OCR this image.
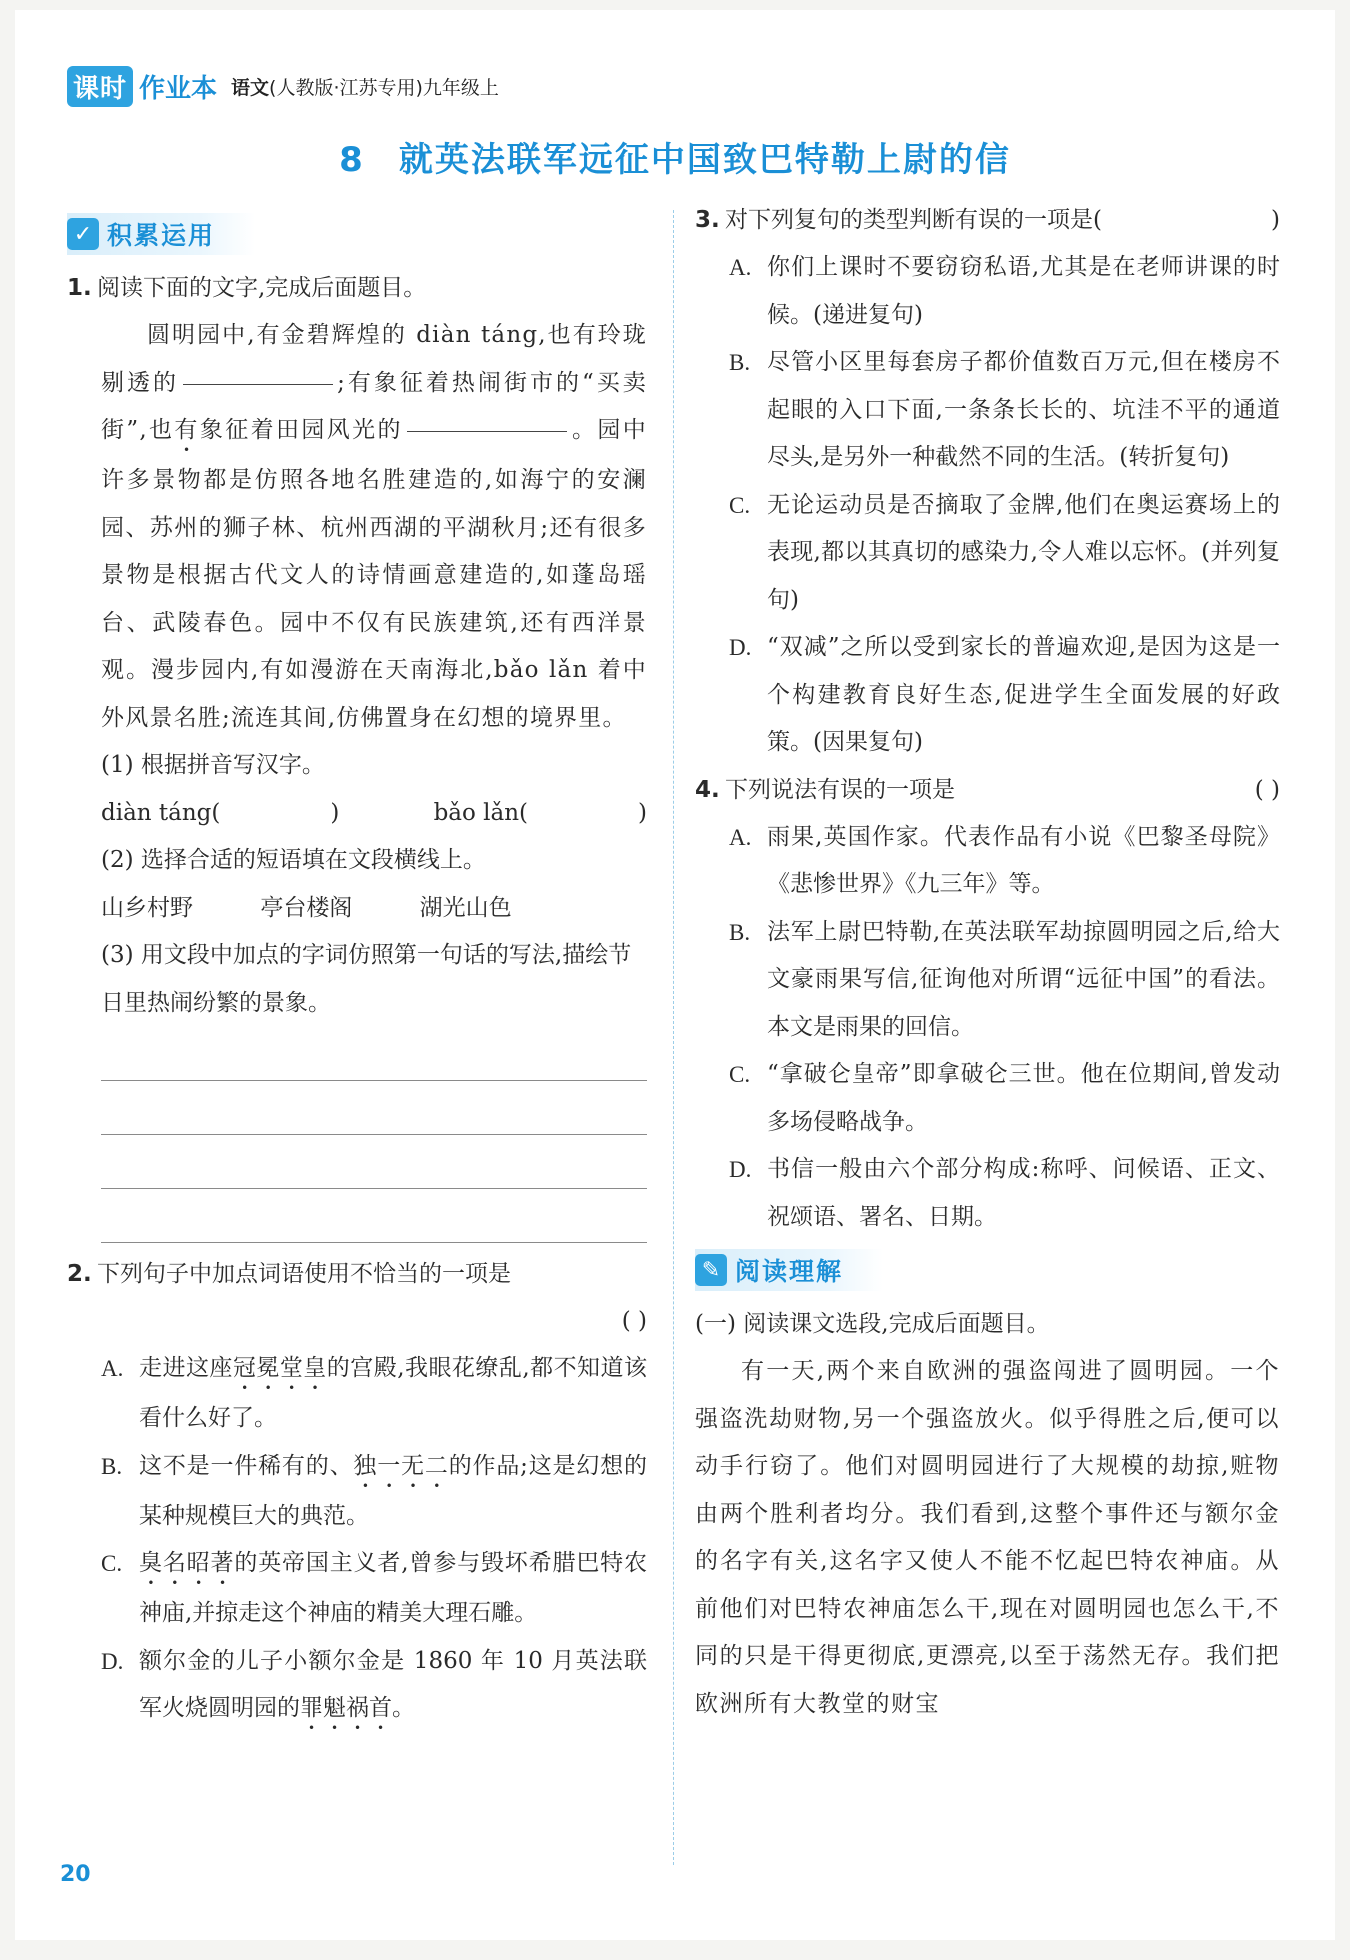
课时 作业本 语文(人教版·江苏专用)九年级上
8 就英法联军远征中国致巴特勒上尉的信
✓ 积累运用
1. 阅读下面的文字,完成后面题目。
圆明园中,有金碧辉煌的 diàn táng,也有玲珑剔透的	;有象征着热闹街市的“买卖街”,也有象征着田园风光的	。园中许多景物都是仿照各地名胜建造的,如海宁的安澜园、苏州的狮子林、杭州西湖的平湖秋月;还有很多景物是根据古代文人的诗情画意建造的,如蓬岛瑶台、武陵春色。园中不仅有民族建筑,还有西洋景观。漫步园内,有如漫游在天南海北,bǎo lǎn 着中外风景名胜;流连其间,仿佛置身在幻想的境界里。
(1) 根据拼音写汉字。
diàn táng(	)	bǎo lǎn(	)
(2) 选择合适的短语填在文段横线上。
山乡村野	亭台楼阁	湖光山色
(3) 用文段中加点的字词仿照第一句话的写法,描绘节日里热闹纷繁的景象。
2. 下列句子中加点词语使用不恰当的一项是
( )
A. 走进这座冠冕堂皇的宫殿,我眼花缭乱,都不知道该看什么好了。
B. 这不是一件稀有的、独一无二的作品;这是幻想的某种规模巨大的典范。
C. 臭名昭著的英帝国主义者,曾参与毁坏希腊巴特农神庙,并掠走这个神庙的精美大理石雕。
D. 额尔金的儿子小额尔金是 1860 年 10 月英法联军火烧圆明园的罪魁祸首。
3. 对下列复句的类型判断有误的一项是(	)
A. 你们上课时不要窃窃私语,尤其是在老师讲课的时候。(递进复句)
B. 尽管小区里每套房子都价值数百万元,但在楼房不起眼的入口下面,一条条长长的、坑洼不平的通道尽头,是另外一种截然不同的生活。(转折复句)
C. 无论运动员是否摘取了金牌,他们在奥运赛场上的表现,都以其真切的感染力,令人难以忘怀。(并列复句)
D. “双减”之所以受到家长的普遍欢迎,是因为这是一个构建教育良好生态,促进学生全面发展的好政策。(因果复句)
4. 下列说法有误的一项是	( )
A. 雨果,英国作家。代表作品有小说《巴黎圣母院》《悲惨世界》《九三年》等。
B. 法军上尉巴特勒,在英法联军劫掠圆明园之后,给大文豪雨果写信,征询他对所谓“远征中国”的看法。本文是雨果的回信。
C. “拿破仑皇帝”即拿破仑三世。他在位期间,曾发动多场侵略战争。
D. 书信一般由六个部分构成:称呼、问候语、正文、祝颂语、署名、日期。
✎ 阅读理解
(一) 阅读课文选段,完成后面题目。
有一天,两个来自欧洲的强盗闯进了圆明园。一个强盗洗劫财物,另一个强盗放火。似乎得胜之后,便可以动手行窃了。他们对圆明园进行了大规模的劫掠,赃物由两个胜利者均分。我们看到,这整个事件还与额尔金的名字有关,这名字又使人不能不忆起巴特农神庙。从前他们对巴特农神庙怎么干,现在对圆明园也怎么干,不同的只是干得更彻底,更漂亮,以至于荡然无存。我们把欧洲所有大教堂的财宝
20
